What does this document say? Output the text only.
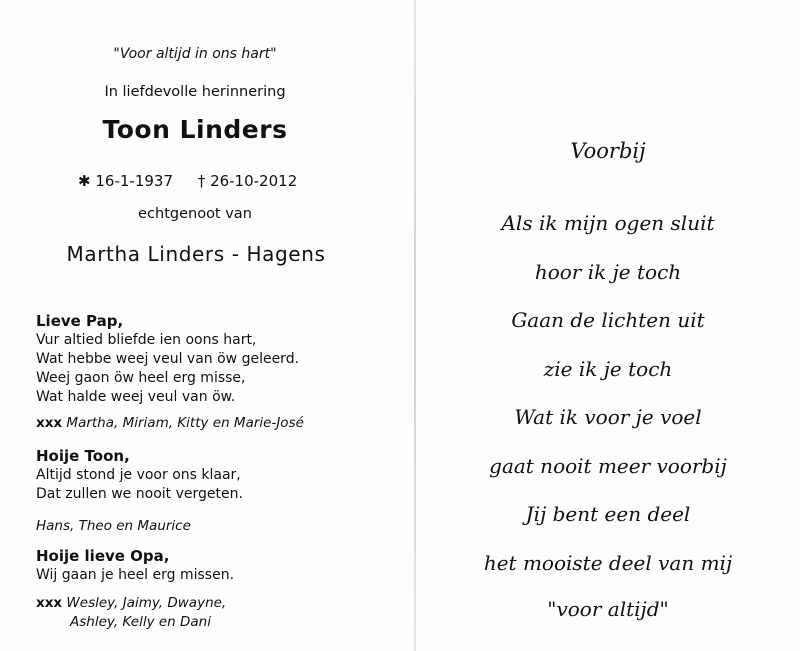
"Voor altijd in ons hart"
In liefdevolle herinnering
Toon Linders
✱ 16-1-1937 † 26-10-2012
echtgenoot van
Martha Linders - Hagens
Lieve Pap,
Vur altied bliefde ien oons hart,
Wat hebbe weej veul van öw geleerd.
Weej gaon öw heel erg misse,
Wat halde weej veul van öw.
xxx Martha, Miriam, Kitty en Marie-José
Hoije Toon,
Altijd stond je voor ons klaar,
Dat zullen we nooit vergeten.
Hans, Theo en Maurice
Hoije lieve Opa,
Wij gaan je heel erg missen.
xxx Wesley, Jaimy, Dwayne,
Ashley, Kelly en Dani
Voorbij
Als ik mijn ogen sluit
hoor ik je toch
Gaan de lichten uit
zie ik je toch
Wat ik voor je voel
gaat nooit meer voorbij
Jij bent een deel
het mooiste deel van mij
"voor altijd"
